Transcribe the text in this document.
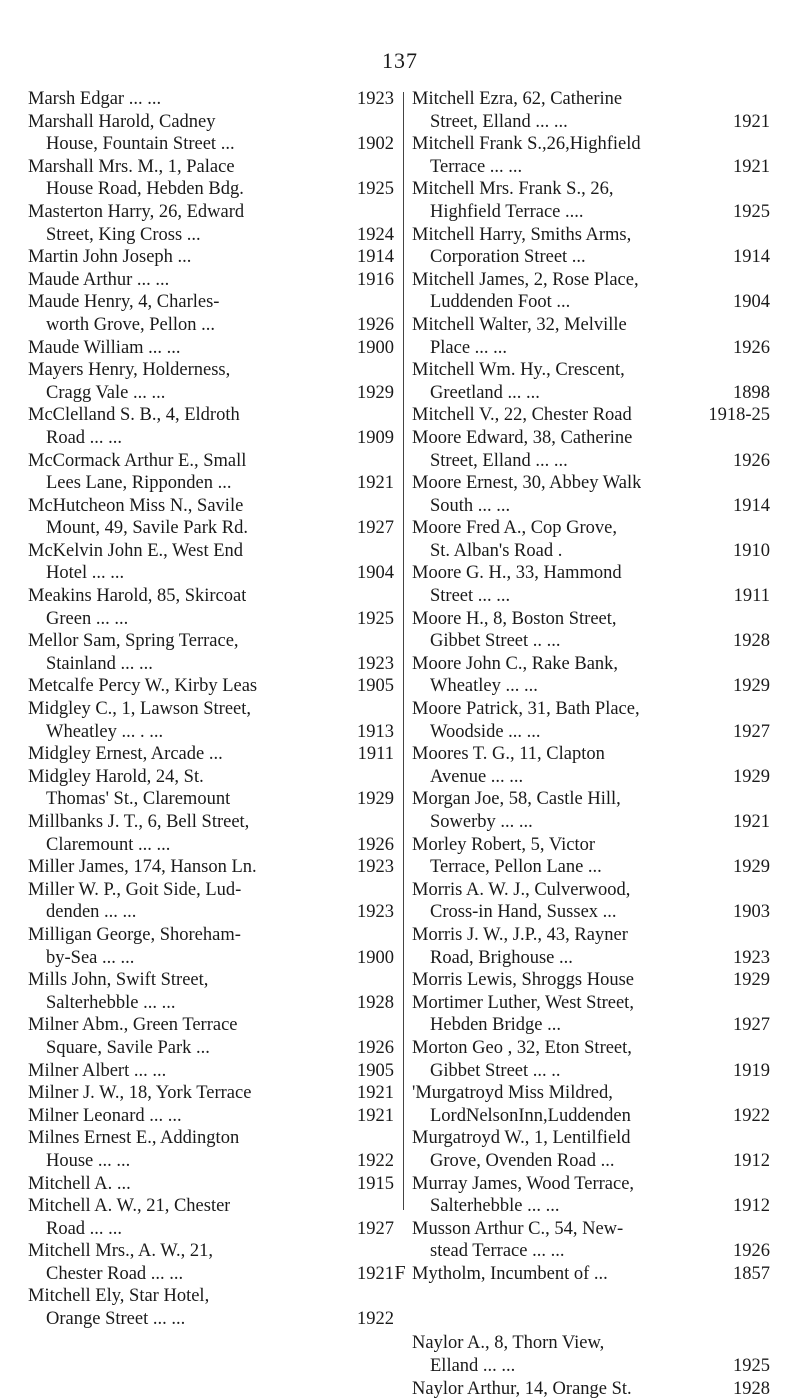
137
Marsh Edgar ... ...	1923
Marshall Harold, Cadney
House, Fountain Street ...	1902
Marshall Mrs. M., 1, Palace
House Road, Hebden Bdg.	1925
Masterton Harry, 26, Edward
Street, King Cross ...	1924
Martin John Joseph ...	1914
Maude Arthur ... ...	1916
Maude Henry, 4, Charles-
worth Grove, Pellon ...	1926
Maude William ... ...	1900
Mayers Henry, Holderness,
Cragg Vale ... ...	1929
McClelland S. B., 4, Eldroth
Road ... ...	1909
McCormack Arthur E., Small
Lees Lane, Ripponden ...	1921
McHutcheon Miss N., Savile
Mount, 49, Savile Park Rd.	1927
McKelvin John E., West End
Hotel ... ...	1904
Meakins Harold, 85, Skircoat
Green ... ...	1925
Mellor Sam, Spring Terrace,
Stainland ... ...	1923
Metcalfe Percy W., Kirby Leas	1905
Midgley C., 1, Lawson Street,
Wheatley ... . ...	1913
Midgley Ernest, Arcade ...	1911
Midgley Harold, 24, St.
Thomas' St., Claremount	1929
Millbanks J. T., 6, Bell Street,
Claremount ... ...	1926
Miller James, 174, Hanson Ln.	1923
Miller W. P., Goit Side, Lud-
denden ... ...	1923
Milligan George, Shoreham-
by-Sea ... ...	1900
Mills John, Swift Street,
Salterhebble ... ...	1928
Milner Abm., Green Terrace
Square, Savile Park ...	1926
Milner Albert ... ...	1905
Milner J. W., 18, York Terrace	1921
Milner Leonard ... ...	1921
Milnes Ernest E., Addington
House ... ...	1922
Mitchell A. ...	1915
Mitchell A. W., 21, Chester
Road ... ...	1927
Mitchell Mrs., A. W., 21,
Chester Road ... ...	1921
Mitchell Ely, Star Hotel,
Orange Street ... ...	1922
Mitchell Ezra, 62, Catherine
Street, Elland ... ...	1921
Mitchell Frank S.,26,Highfield
Terrace ... ...	1921
Mitchell Mrs. Frank S., 26,
Highfield Terrace ....	1925
Mitchell Harry, Smiths Arms,
Corporation Street ...	1914
Mitchell James, 2, Rose Place,
Luddenden Foot ...	1904
Mitchell Walter, 32, Melville
Place ... ...	1926
Mitchell Wm. Hy., Crescent,
Greetland ... ...	1898
Mitchell V., 22, Chester Road	1918-25
Moore Edward, 38, Catherine
Street, Elland ... ...	1926
Moore Ernest, 30, Abbey Walk
South ... ...	1914
Moore Fred A., Cop Grove,
St. Alban's Road .	1910
Moore G. H., 33, Hammond
Street ... ...	1911
Moore H., 8, Boston Street,
Gibbet Street .. ...	1928
Moore John C., Rake Bank,
Wheatley ... ...	1929
Moore Patrick, 31, Bath Place,
Woodside ... ...	1927
Moores T. G., 11, Clapton
Avenue ... ...	1929
Morgan Joe, 58, Castle Hill,
Sowerby ... ...	1921
Morley Robert, 5, Victor
Terrace, Pellon Lane ...	1929
Morris A. W. J., Culverwood,
Cross-in Hand, Sussex ...	1903
Morris J. W., J.P., 43, Rayner
Road, Brighouse ...	1923
Morris Lewis, Shroggs House	1929
Mortimer Luther, West Street,
Hebden Bridge ...	1927
Morton Geo , 32, Eton Street,
Gibbet Street ... ..	1919
'Murgatroyd Miss Mildred,
LordNelsonInn,Luddenden	1922
Murgatroyd W., 1, Lentilfield
Grove, Ovenden Road ...	1912
Murray James, Wood Terrace,
Salterhebble ... ...	1912
Musson Arthur C., 54, New-
stead Terrace ... ...	1926
Mytholm, Incumbent of ...	1857
Naylor A., 8, Thorn View,
Elland ... ...	1925
Naylor Arthur, 14, Orange St.	1928
F
